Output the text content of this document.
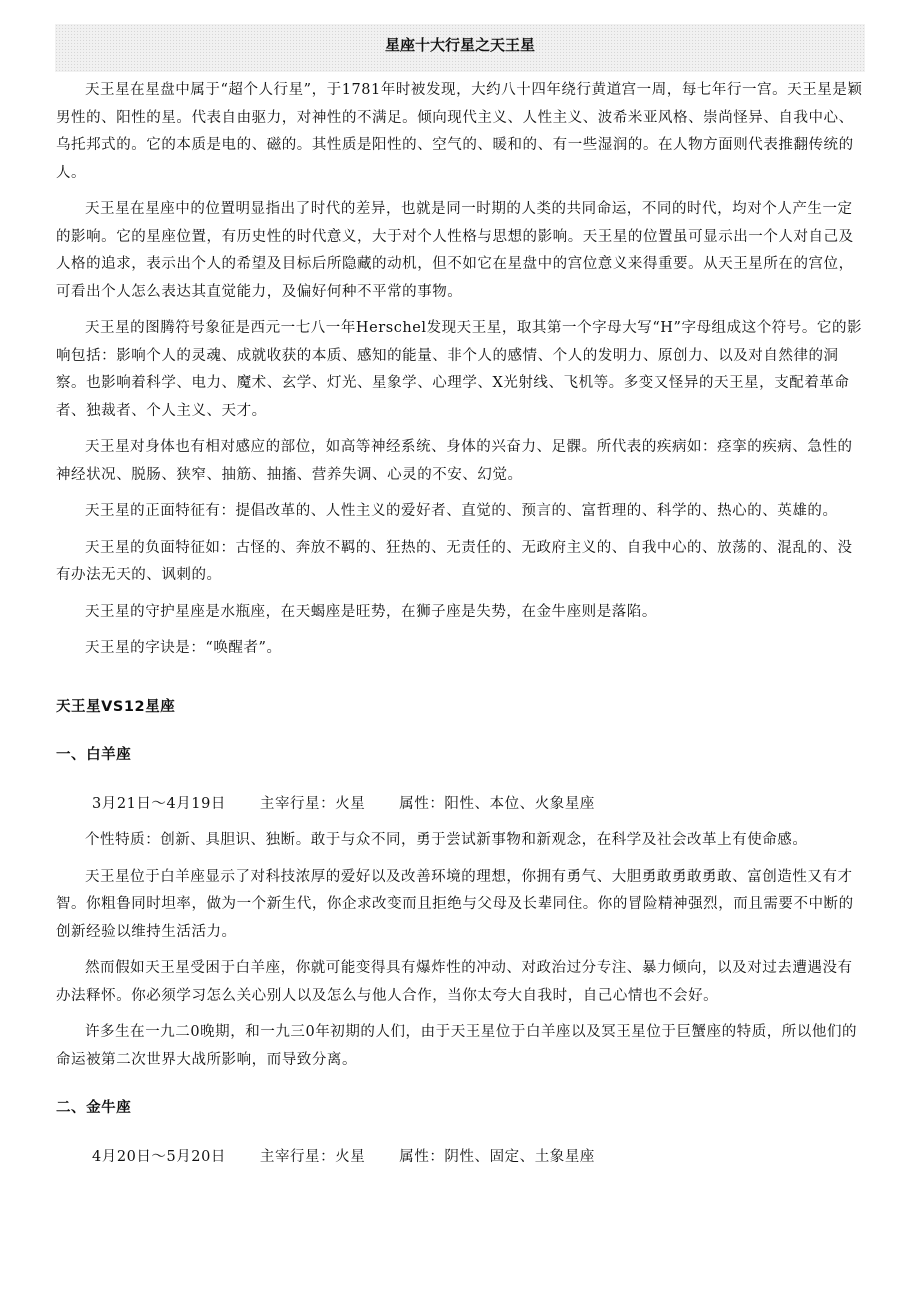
星座十大行星之天王星

天王星在星盘中属于“超个人行星”，于1781年时被发现，大约八十四年绕行黄道宫一周，每七年行一宫。天王星是颖男性的、阳性的星。代表自由驱力，对神性的不满足。倾向现代主义、人性主义、波希米亚风格、崇尚怪异、自我中心、乌托邦式的。它的本质是电的、磁的。其性质是阳性的、空气的、暖和的、有一些湿润的。在人物方面则代表推翻传统的人。

天王星在星座中的位置明显指出了时代的差异，也就是同一时期的人类的共同命运，不同的时代，均对个人产生一定的影响。它的星座位置，有历史性的时代意义，大于对个人性格与思想的影响。天王星的位置虽可显示出一个人对自己及人格的追求，表示出个人的希望及目标后所隐藏的动机，但不如它在星盘中的宫位意义来得重要。从天王星所在的宫位，可看出个人怎么表达其直觉能力，及偏好何种不平常的事物。

天王星的图腾符号象征是西元一七八一年Herschel发现天王星，取其第一个字母大写“H”字母组成这个符号。它的影响包括：影响个人的灵魂、成就收获的本质、感知的能量、非个人的感情、个人的发明力、原创力、以及对自然律的洞察。也影响着科学、电力、魔术、玄学、灯光、星象学、心理学、X光射线、飞机等。多变又怪异的天王星，支配着革命者、独裁者、个人主义、天才。

天王星对身体也有相对感应的部位，如高等神经系统、身体的兴奋力、足髁。所代表的疾病如：痉挛的疾病、急性的神经状况、脱肠、狭窄、抽筋、抽搐、营养失调、心灵的不安、幻觉。

天王星的正面特征有：提倡改革的、人性主义的爱好者、直觉的、预言的、富哲理的、科学的、热心的、英雄的。

天王星的负面特征如：古怪的、奔放不羁的、狂热的、无责任的、无政府主义的、自我中心的、放荡的、混乱的、没有办法无天的、讽刺的。

天王星的守护星座是水瓶座，在天蝎座是旺势，在狮子座是失势，在金牛座则是落陷。

天王星的字诀是：“唤醒者”。

天王星VS12星座
一、白羊座
3月21日～4月19日 主宰行星：火星 属性：阳性、本位、火象星座

个性特质：创新、具胆识、独断。敢于与众不同，勇于尝试新事物和新观念，在科学及社会改革上有使命感。

天王星位于白羊座显示了对科技浓厚的爱好以及改善环境的理想，你拥有勇气、大胆勇敢勇敢勇敢、富创造性又有才智。你粗鲁同时坦率，做为一个新生代，你企求改变而且拒绝与父母及长辈同住。你的冒险精神强烈，而且需要不中断的创新经验以维持生活活力。

然而假如天王星受困于白羊座，你就可能变得具有爆炸性的冲动、对政治过分专注、暴力倾向，以及对过去遭遇没有办法释怀。你必须学习怎么关心别人以及怎么与他人合作，当你太夸大自我时，自己心情也不会好。

许多生在一九二0晚期，和一九三0年初期的人们，由于天王星位于白羊座以及冥王星位于巨蟹座的特质，所以他们的命运被第二次世界大战所影响，而导致分离。

二、金牛座
4月20日～5月20日 主宰行星：火星 属性：阴性、固定、土象星座
